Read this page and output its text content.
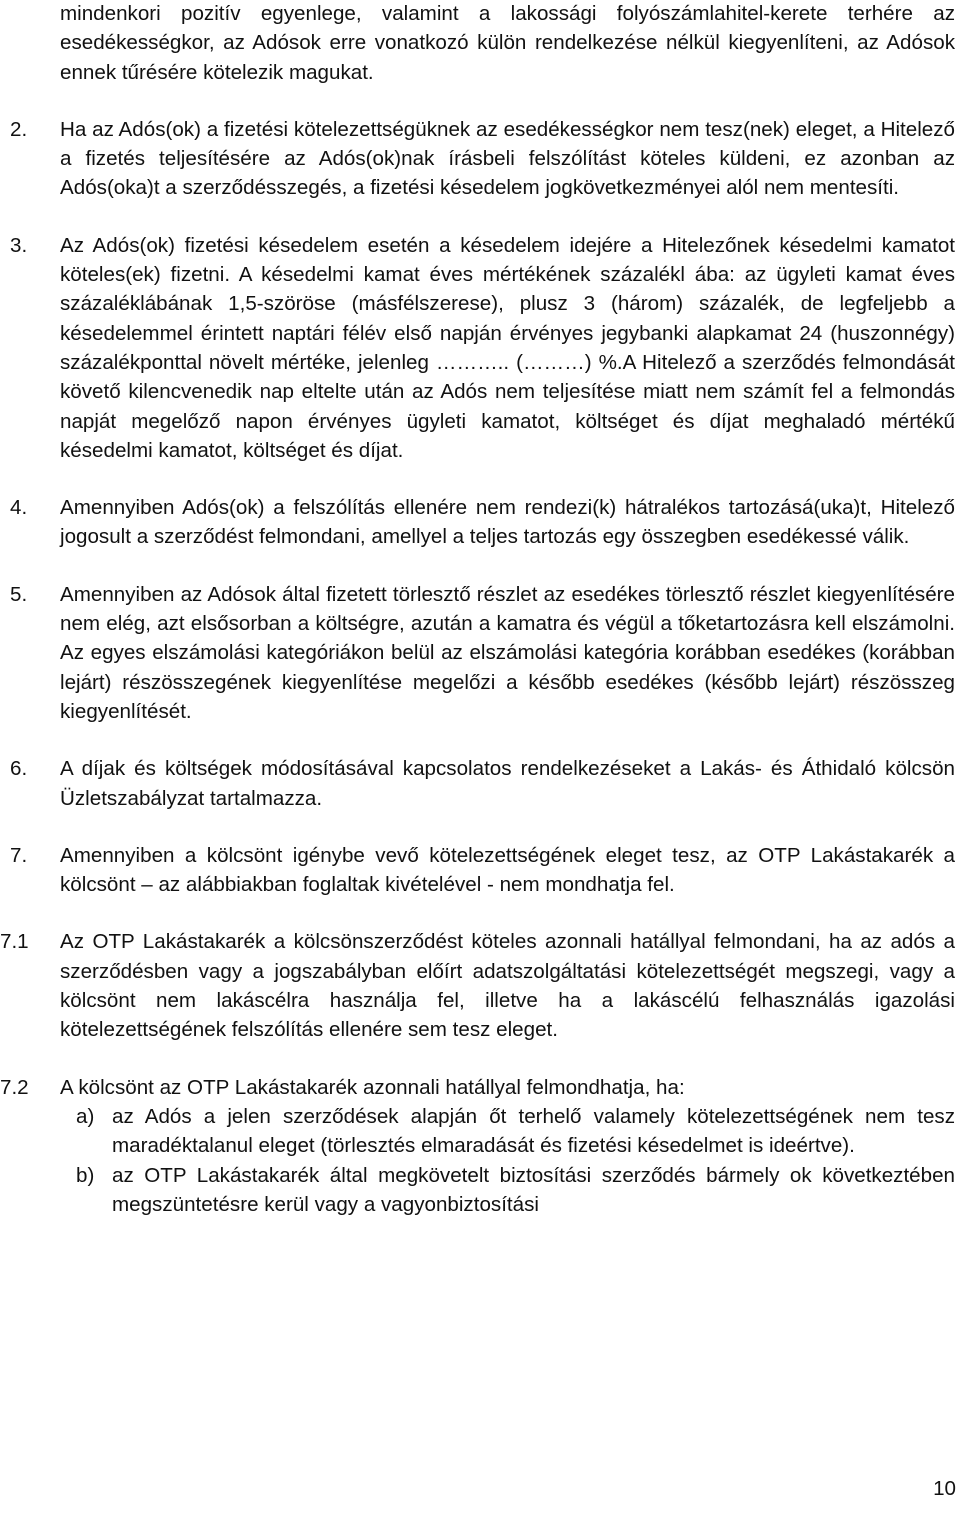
mindenkori pozitív egyenlege, valamint a lakossági folyószámlahitel-kerete terhére az esedékességkor, az Adósok erre vonatkozó külön rendelkezése nélkül kiegyenlíteni, az Adósok ennek tűrésére kötelezik magukat.

2. Ha az Adós(ok) a fizetési kötelezettségüknek az esedékességkor nem tesz(nek) eleget, a Hitelező a fizetés teljesítésére az Adós(ok)nak írásbeli felszólítást köteles küldeni, ez azonban az Adós(oka)t a szerződésszegés, a fizetési késedelem jogkövetkezményei alól nem mentesíti.

3. Az Adós(ok) fizetési késedelem esetén a késedelem idejére a Hitelezőnek késedelmi kamatot köteles(ek) fizetni. A késedelmi kamat éves mértékének százalékl ába: az ügyleti kamat éves százaléklábának 1,5-szöröse (másfélszerese), plusz 3 (három) százalék, de legfeljebb a késedelemmel érintett naptári félév első napján érvényes jegybanki alapkamat 24 (huszonnégy) százalékponttal növelt mértéke, jelenleg ……….. (………) %.A Hitelező a szerződés felmondását követő kilencvenedik nap eltelte után az Adós nem teljesítése miatt nem számít fel a felmondás napját megelőző napon érvényes ügyleti kamatot, költséget és díjat meghaladó mértékű késedelmi kamatot, költséget és díjat.

4. Amennyiben Adós(ok) a felszólítás ellenére nem rendezi(k) hátralékos tartozásá(uka)t, Hitelező jogosult a szerződést felmondani, amellyel a teljes tartozás egy összegben esedékessé válik.

5. Amennyiben az Adósok által fizetett törlesztő részlet az esedékes törlesztő részlet kiegyenlítésére nem elég, azt elsősorban a költségre, azután a kamatra és végül a tőketartozásra kell elszámolni. Az egyes elszámolási kategóriákon belül az elszámolási kategória korábban esedékes (korábban lejárt) részösszegének kiegyenlítése megelőzi a később esedékes (később lejárt) részösszeg kiegyenlítését.

6. A díjak és költségek módosításával kapcsolatos rendelkezéseket a Lakás- és Áthidaló kölcsön Üzletszabályzat tartalmazza.

7. Amennyiben a kölcsönt igénybe vevő kötelezettségének eleget tesz, az OTP Lakástakarék a kölcsönt – az alábbiakban foglaltak kivételével - nem mondhatja fel.

7.1 Az OTP Lakástakarék a kölcsönszerződést köteles azonnali hatállyal felmondani, ha az adós a szerződésben vagy a jogszabályban előírt adatszolgáltatási kötelezettségét megszegi, vagy a kölcsönt nem lakáscélra használja fel, illetve ha a lakáscélú felhasználás igazolási kötelezettségének felszólítás ellenére sem tesz eleget.

7.2 A kölcsönt az OTP Lakástakarék azonnali hatállyal felmondhatja, ha:

a) az Adós a jelen szerződések alapján őt terhelő valamely kötelezettségének nem tesz maradéktalanul eleget (törlesztés elmaradását és fizetési késedelmet is ideértve).

b) az OTP Lakástakarék által megkövetelt biztosítási szerződés bármely ok következtében megszüntetésre kerül vagy a vagyonbiztosítási

10
